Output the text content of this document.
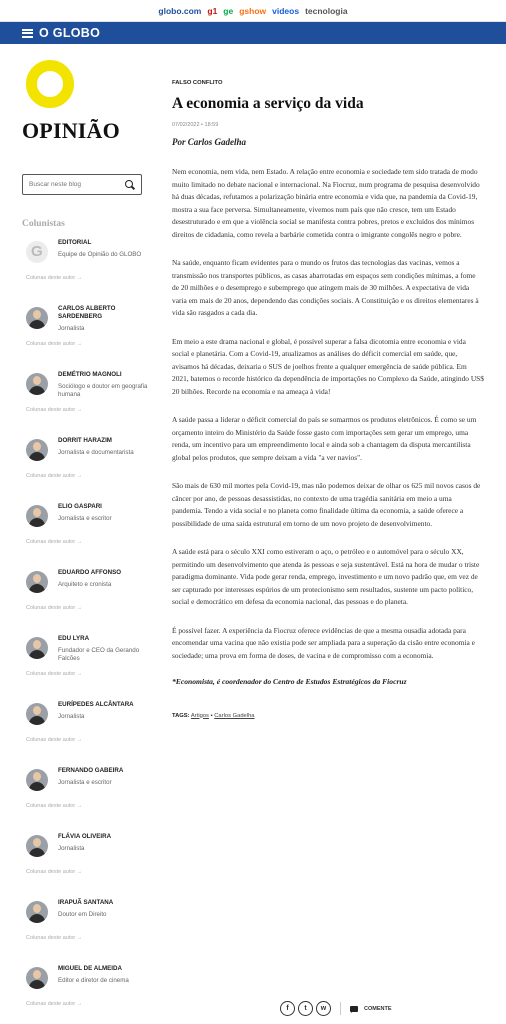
globo.com g1 ge gshow videos tecnologia
O GLOBO
OPINIÃO
Buscar neste blog
Colunistas
G
EDITORIAL
Equipe de Opinião do GLOBO
Colunas deste autor →
CARLOS ALBERTO SARDENBERG
Jornalista
Colunas deste autor →
DEMÉTRIO MAGNOLI
Sociólogo e doutor em geografia humana
Colunas deste autor →
DORRIT HARAZIM
Jornalista e documentarista
Colunas deste autor →
ELIO GASPARI
Jornalista e escritor
Colunas deste autor →
EDUARDO AFFONSO
Arquiteto e cronista
Colunas deste autor →
EDU LYRA
Fundador e CEO da Gerando Falcões
Colunas deste autor →
EURÍPEDES ALCÂNTARA
Jornalista
Colunas deste autor →
FERNANDO GABEIRA
Jornalista e escritor
Colunas deste autor →
FLÁVIA OLIVEIRA
Jornalista
Colunas deste autor →
IRAPUÃ SANTANA
Doutor em Direito
Colunas deste autor →
MIGUEL DE ALMEIDA
Editor e diretor de cinema
Colunas deste autor →
FALSO CONFLITO
A economia a serviço da vida
07/02/2022 • 18:59
Por Carlos Gadelha

Nem economia, nem vida, nem Estado. A relação entre economia e sociedade tem sido tratada de modo muito limitado no debate nacional e internacional. Na Fiocruz, num programa de pesquisa desenvolvido há duas décadas, refutamos a polarização binária entre economia e vida que, na pandemia da Covid-19, mostra a sua face perversa. Simultaneamente, vivemos num país que não cresce, tem um Estado desestruturado e em que a violência social se manifesta contra pobres, pretos e excluídos dos mínimos direitos de cidadania, como revela a barbárie cometida contra o imigrante congolês negro e pobre.

Na saúde, enquanto ficam evidentes para o mundo os frutos das tecnologias das vacinas, vemos a transmissão nos transportes públicos, as casas abarrotadas em espaços sem condições mínimas, a fome de 20 milhões e o desemprego e subemprego que atingem mais de 30 milhões. A expectativa de vida varia em mais de 20 anos, dependendo das condições sociais. A Constituição e os direitos elementares à vida são rasgados a cada dia.

Em meio a este drama nacional e global, é possível superar a falsa dicotomia entre economia e vida social e planetária. Com a Covid-19, atualizamos as análises do déficit comercial em saúde, que, avisamos há décadas, deixaria o SUS de joelhos frente a qualquer emergência de saúde pública. Em 2021, batemos o recorde histórico da dependência de importações no Complexo da Saúde, atingindo US$ 20 bilhões. Recorde na economia e na ameaça à vida!

A saúde passa a liderar o déficit comercial do país se somarmos os produtos eletrônicos. É como se um orçamento inteiro do Ministério da Saúde fosse gasto com importações sem gerar um emprego, uma renda, um incentivo para um empreendimento local e ainda sob a chantagem da disputa mercantilista global pelos produtos, que sempre deixam a vida "a ver navios".

São mais de 630 mil mortes pela Covid-19, mas não podemos deixar de olhar os 625 mil novos casos de câncer por ano, de pessoas desassistidas, no contexto de uma tragédia sanitária em meio a uma pandemia. Tendo a vida social e no planeta como finalidade última da economia, a saúde oferece a possibilidade de uma saída estrutural em torno de um novo projeto de desenvolvimento.

A saúde está para o século XXI como estiveram o aço, o petróleo e o automóvel para o século XX, permitindo um desenvolvimento que atenda às pessoas e seja sustentável. Está na hora de mudar o triste paradigma dominante. Vida pode gerar renda, emprego, investimento e um novo padrão que, em vez de ser capturado por interesses espúrios de um protecionismo sem resultados, sustente um pacto político, social e democrático em defesa da economia nacional, das pessoas e do planeta.

É possível fazer. A experiência da Fiocruz oferece evidências de que a mesma ousadia adotada para encomendar uma vacina que não existia pode ser ampliada para a superação da cisão entre economia e sociedade; uma prova em forma de doses, de vacina e de compromisso com a economia.

*Economista, é coordenador do Centro de Estudos Estratégicos da Fiocruz
TAGS: Artigos • Carlos Gadelha
f	t	w	COMENTE
